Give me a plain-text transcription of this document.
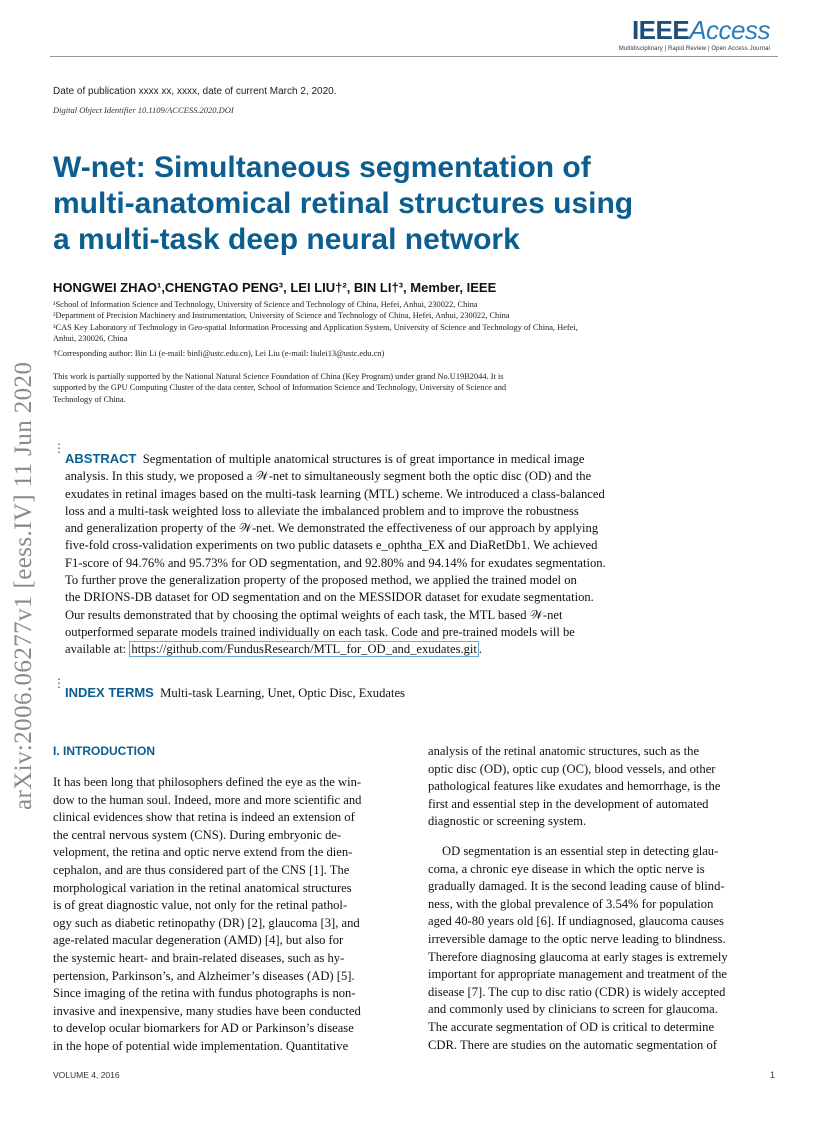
IEEEAccess
Multidisciplinary | Rapid Review | Open Access Journal
Date of publication xxxx xx, xxxx, date of current March 2, 2020.
Digital Object Identifier 10.1109/ACCESS.2020.DOI
W-net: Simultaneous segmentation of
multi-anatomical retinal structures using
a multi-task deep neural network
HONGWEI ZHAO¹,CHENGTAO PENG³, LEI LIU†², BIN LI†³, Member, IEEE
¹School of Information Science and Technology, University of Science and Technology of China, Hefei, Anhui, 230022, China
²Department of Precision Machinery and Instrumentation, University of Science and Technology of China, Hefei, Anhui, 230022, China
³CAS Key Laboratory of Technology in Geo-spatial Information Processing and Application System, University of Science and Technology of China, Hefei,
Anhui, 230026, China
†Corresponding author: Bin Li (e-mail: binli@ustc.edu.cn), Lei Liu (e-mail: liulei13@ustc.edu.cn)
This work is partially supported by the National Natural Science Foundation of China (Key Program) under grand No.U19B2044. It is
supported by the GPU Computing Cluster of the data center, School of Information Science and Technology, University of Science and
Technology of China.
arXiv:2006.06277v1 [eess.IV] 11 Jun 2020 ⋮
ABSTRACT Segmentation of multiple anatomical structures is of great importance in medical image
analysis. In this study, we proposed a 𝒲-net to simultaneously segment both the optic disc (OD) and the
exudates in retinal images based on the multi-task learning (MTL) scheme. We introduced a class-balanced
loss and a multi-task weighted loss to alleviate the imbalanced problem and to improve the robustness
and generalization property of the 𝒲-net. We demonstrated the effectiveness of our approach by applying
five-fold cross-validation experiments on two public datasets e_ophtha_EX and DiaRetDb1. We achieved
F1-score of 94.76% and 95.73% for OD segmentation, and 92.80% and 94.14% for exudates segmentation.
To further prove the generalization property of the proposed method, we applied the trained model on
the DRIONS-DB dataset for OD segmentation and on the MESSIDOR dataset for exudate segmentation.
Our results demonstrated that by choosing the optimal weights of each task, the MTL based 𝒲-net
outperformed separate models trained individually on each task. Code and pre-trained models will be
available at: https://github.com/FundusResearch/MTL_for_OD_and_exudates.git .
⋮
INDEX TERMS Multi-task Learning, Unet, Optic Disc, Exudates
I. INTRODUCTION
It has been long that philosophers defined the eye as the win-
dow to the human soul. Indeed, more and more scientific and
clinical evidences show that retina is indeed an extension of
the central nervous system (CNS). During embryonic de-
velopment, the retina and optic nerve extend from the dien-
cephalon, and are thus considered part of the CNS [1]. The
morphological variation in the retinal anatomical structures
is of great diagnostic value, not only for the retinal pathol-
ogy such as diabetic retinopathy (DR) [2], glaucoma [3], and
age-related macular degeneration (AMD) [4], but also for
the systemic heart- and brain-related diseases, such as hy-
pertension, Parkinson’s, and Alzheimer’s diseases (AD) [5].
Since imaging of the retina with fundus photographs is non-
invasive and inexpensive, many studies have been conducted
to develop ocular biomarkers for AD or Parkinson’s disease
in the hope of potential wide implementation. Quantitative
analysis of the retinal anatomic structures, such as the
optic disc (OD), optic cup (OC), blood vessels, and other
pathological features like exudates and hemorrhage, is the
first and essential step in the development of automated
diagnostic or screening system.
OD segmentation is an essential step in detecting glau-
coma, a chronic eye disease in which the optic nerve is
gradually damaged. It is the second leading cause of blind-
ness, with the global prevalence of 3.54% for population
aged 40-80 years old [6]. If undiagnosed, glaucoma causes
irreversible damage to the optic nerve leading to blindness.
Therefore diagnosing glaucoma at early stages is extremely
important for appropriate management and treatment of the
disease [7]. The cup to disc ratio (CDR) is widely accepted
and commonly used by clinicians to screen for glaucoma.
The accurate segmentation of OD is critical to determine
CDR. There are studies on the automatic segmentation of
VOLUME 4, 2016	1
